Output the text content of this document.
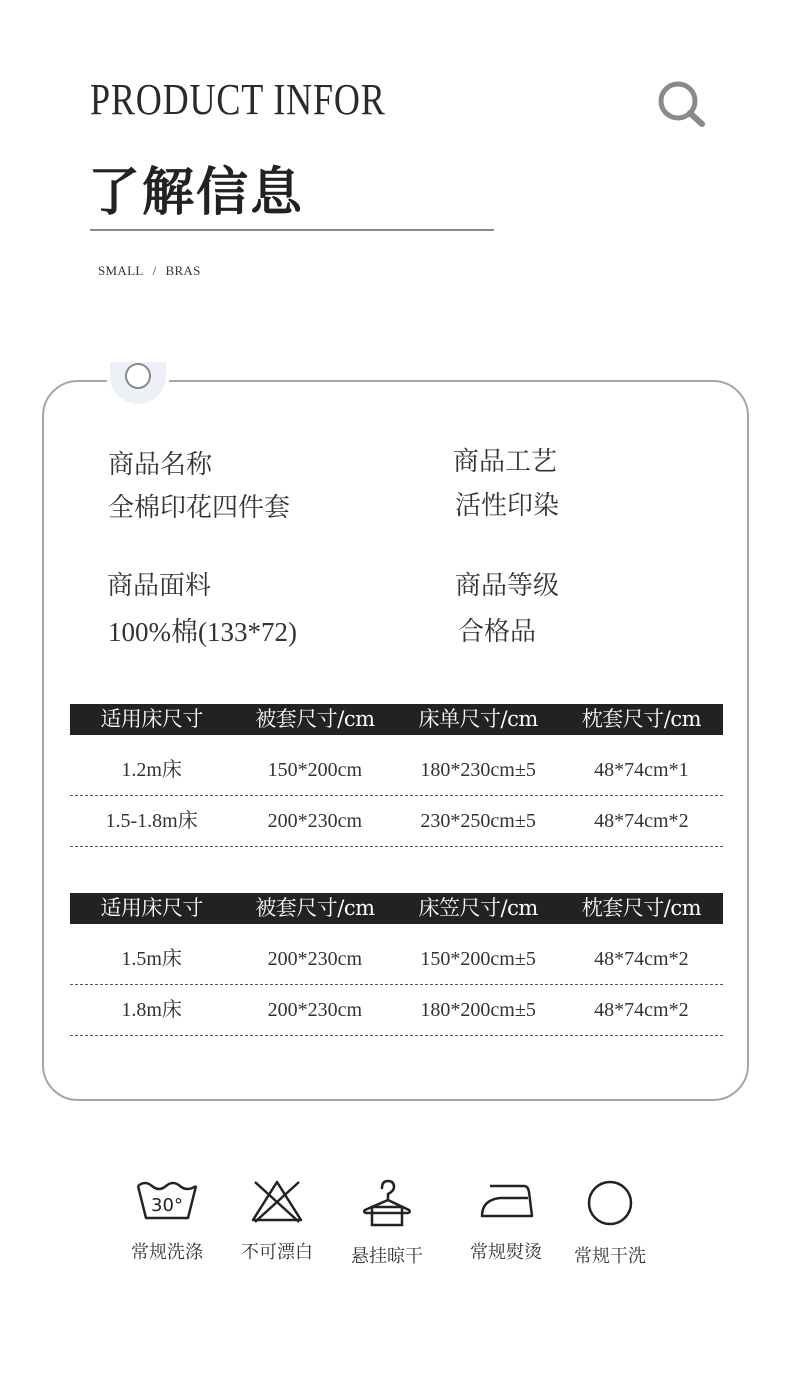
PRODUCT INFOR
了解信息
SMALL / BRAS
商品名称
全棉印花四件套
商品工艺
活性印染
商品面料
100%棉(133*72)
商品等级
合格品
适用床尺寸	被套尺寸/cm	床单尺寸/cm	枕套尺寸/cm
1.2m床	150*200cm	180*230cm±5	48*74cm*1
1.5-1.8m床	200*230cm	230*250cm±5	48*74cm*2
适用床尺寸	被套尺寸/cm	床笠尺寸/cm	枕套尺寸/cm
1.5m床	200*230cm	150*200cm±5	48*74cm*2
1.8m床	200*230cm	180*200cm±5	48*74cm*2
30°
常规洗涤 不可漂白 悬挂晾干	常规熨烫 常规干洗
